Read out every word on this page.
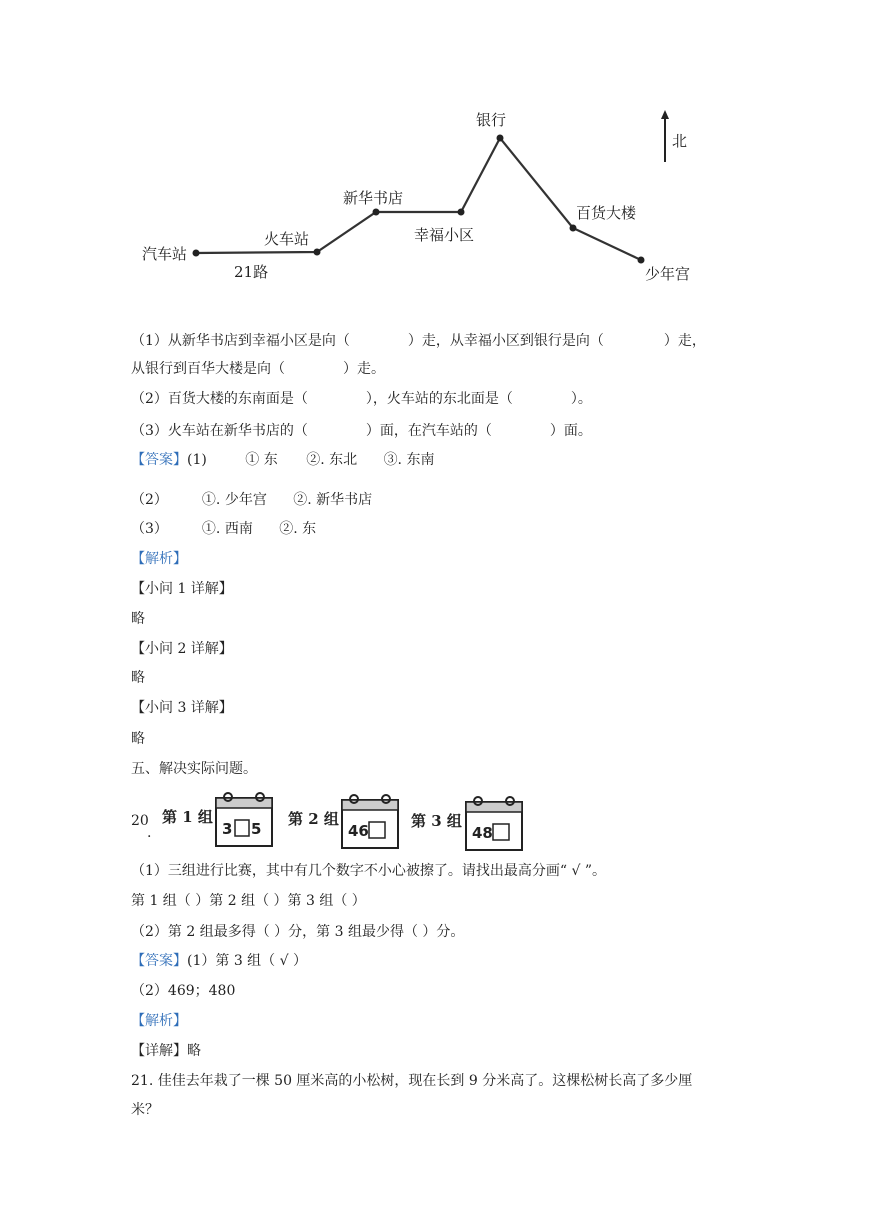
汽车站
火车站
新华书店
幸福小区
银行
百货大楼
少年宫
21路
北
（1）从新华书店到幸福小区是向（	）走，从幸福小区到银行是向（	）走，
从银行到百华大楼是向（	）走。
（2）百货大楼的东南面是（	），火车站的东北面是（	）。
（3）火车站在新华书店的（	）面，在汽车站的（	）面。
【答案】(1)	① 东 ②. 东北 ③. 东南
（2） ①. 少年宫 ②. 新华书店
（3） ①. 西南 ②. 东
【解析】
【小问 1 详解】
略
【小问 2 详解】
略
【小问 3 详解】
略
五、解决实际问题。
20
.
第 1 组
3 5
第 2 组
46
第 3 组
48
（1）三组进行比赛，其中有几个数字不小心被擦了。请找出最高分画“ √ ”。
第 1 组（ ）第 2 组（ ）第 3 组（ ）
（2）第 2 组最多得（ ）分，第 3 组最少得（ ）分。
【答案】(1）第 3 组（ √ ）
（2）469；480
【解析】
【详解】略
21. 佳佳去年栽了一棵 50 厘米高的小松树，现在长到 9 分米高了。这棵松树长高了多少厘
米？
